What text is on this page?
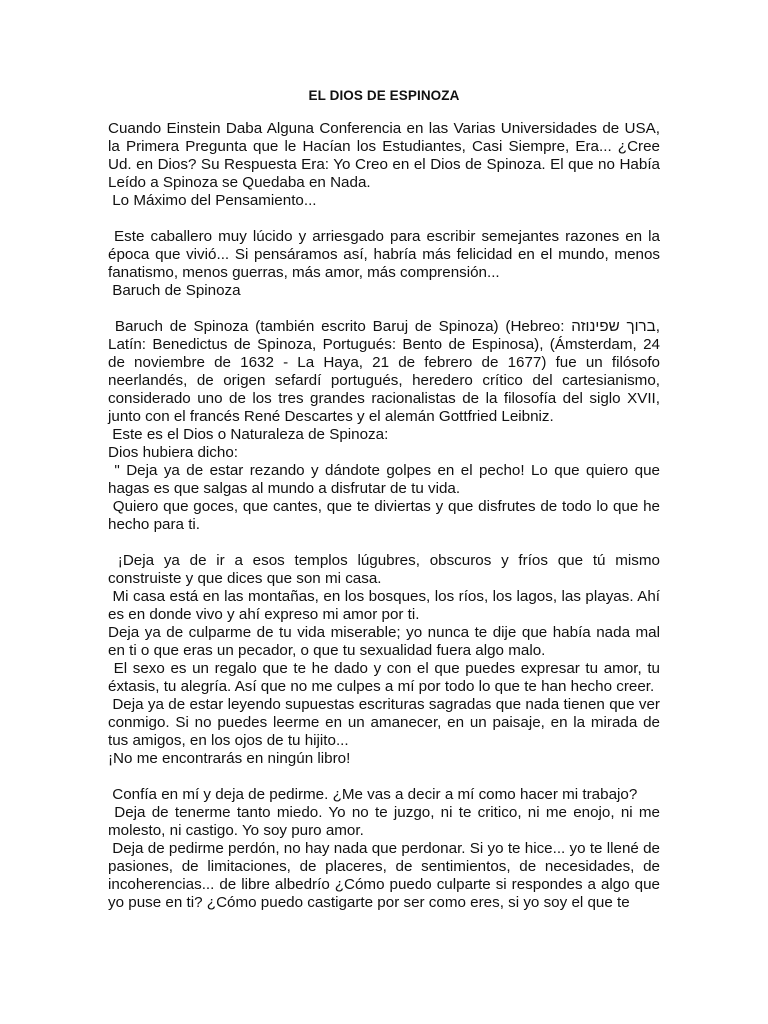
EL DIOS DE ESPINOZA

Cuando Einstein Daba Alguna Conferencia en las Varias Universidades de USA, la Primera Pregunta que le Hacían los Estudiantes, Casi Siempre, Era... ¿Cree Ud. en Dios? Su Respuesta Era: Yo Creo en el Dios de Spinoza. El que no Había Leído a Spinoza se Quedaba en Nada.

Lo Máximo del Pensamiento...

Este caballero muy lúcido y arriesgado para escribir semejantes razones en la época que vivió... Si pensáramos así, habría más felicidad en el mundo, menos fanatismo, menos guerras, más amor, más comprensión...

Baruch de Spinoza

Baruch de Spinoza (también escrito Baruj de Spinoza) (Hebreo: ברוך שפינוזה, Latín: Benedictus de Spinoza, Portugués: Bento de Espinosa), (Ámsterdam, 24 de noviembre de 1632 - La Haya, 21 de febrero de 1677) fue un filósofo neerlandés, de origen sefardí portugués, heredero crítico del cartesianismo, considerado uno de los tres grandes racionalistas de la filosofía del siglo XVII, junto con el francés René Descartes y el alemán Gottfried Leibniz.

Este es el Dios o Naturaleza de Spinoza:

Dios hubiera dicho:

" Deja ya de estar rezando y dándote golpes en el pecho! Lo que quiero que hagas es que salgas al mundo a disfrutar de tu vida.

Quiero que goces, que cantes, que te diviertas y que disfrutes de todo lo que he hecho para ti.

¡Deja ya de ir a esos templos lúgubres, obscuros y fríos que tú mismo construiste y que dices que son mi casa.

Mi casa está en las montañas, en los bosques, los ríos, los lagos, las playas. Ahí es en donde vivo y ahí expreso mi amor por ti.

Deja ya de culparme de tu vida miserable; yo nunca te dije que había nada mal en ti o que eras un pecador, o que tu sexualidad fuera algo malo.

El sexo es un regalo que te he dado y con el que puedes expresar tu amor, tu éxtasis, tu alegría. Así que no me culpes a mí por todo lo que te han hecho creer.

Deja ya de estar leyendo supuestas escrituras sagradas que nada tienen que ver conmigo. Si no puedes leerme en un amanecer, en un paisaje, en la mirada de tus amigos, en los ojos de tu hijito...

¡No me encontrarás en ningún libro!

Confía en mí y deja de pedirme. ¿Me vas a decir a mí como hacer mi trabajo?

Deja de tenerme tanto miedo. Yo no te juzgo, ni te critico, ni me enojo, ni me molesto, ni castigo. Yo soy puro amor.

Deja de pedirme perdón, no hay nada que perdonar. Si yo te hice... yo te llené de pasiones, de limitaciones, de placeres, de sentimientos, de necesidades, de incoherencias... de libre albedrío ¿Cómo puedo culparte si respondes a algo que yo puse en ti? ¿Cómo puedo castigarte por ser como eres, si yo soy el que te
